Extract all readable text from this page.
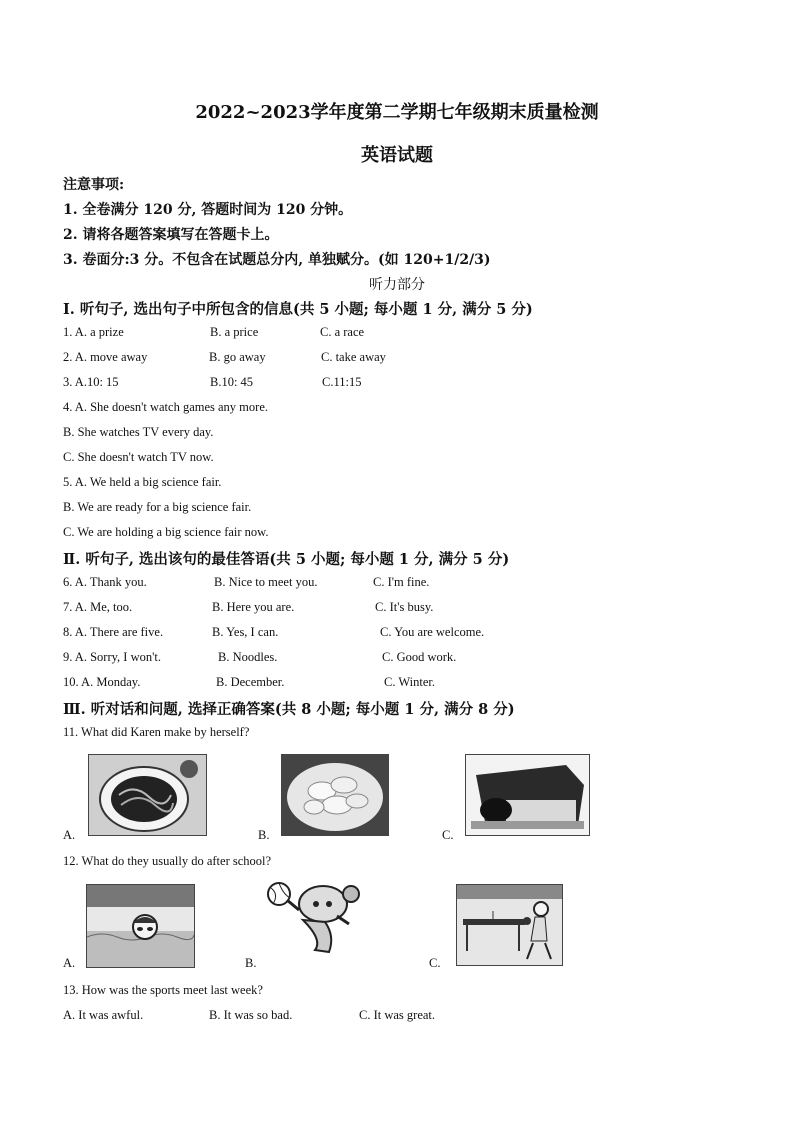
2022~2023学年度第二学期七年级期末质量检测
英语试题
注意事项:
1. 全卷满分 120 分, 答题时间为 120 分钟。
2. 请将各题答案填写在答题卡上。
3. 卷面分:3 分。不包含在试题总分内, 单独赋分。(如 120+1/2/3)
听力部分
I. 听句子, 选出句子中所包含的信息(共 5 小题; 每小题 1 分, 满分 5 分)
1. A. a prize	B. a price	C. a race
2. A. move away	B. go away	C. take away
3. A.10: 15	B.10: 45	C.11:15
4. A. She doesn't watch games any more.
B. She watches TV every day.
C. She doesn't watch TV now.
5. A. We held a big science fair.
B. We are ready for a big science fair.
C. We are holding a big science fair now.
Ⅱ. 听句子, 选出该句的最佳答语(共 5 小题; 每小题 1 分, 满分 5 分)
6. A. Thank you.	B. Nice to meet you.	C. I'm fine.
7. A. Me, too.	B. Here you are.	C. It's busy.
8. A. There are five.	B. Yes, I can.	C. You are welcome.
9. A. Sorry, I won't.	B. Noodles.	C. Good work.
10. A. Monday.	B. December.	C. Winter.
Ⅲ. 听对话和问题, 选择正确答案(共 8 小题; 每小题 1 分, 满分 8 分)
11. What did Karen make by herself?
A.	B.	C.
12. What do they usually do after school?
A.	B.	C.
13. How was the sports meet last week?
A. It was awful.	B. It was so bad.	C. It was great.
